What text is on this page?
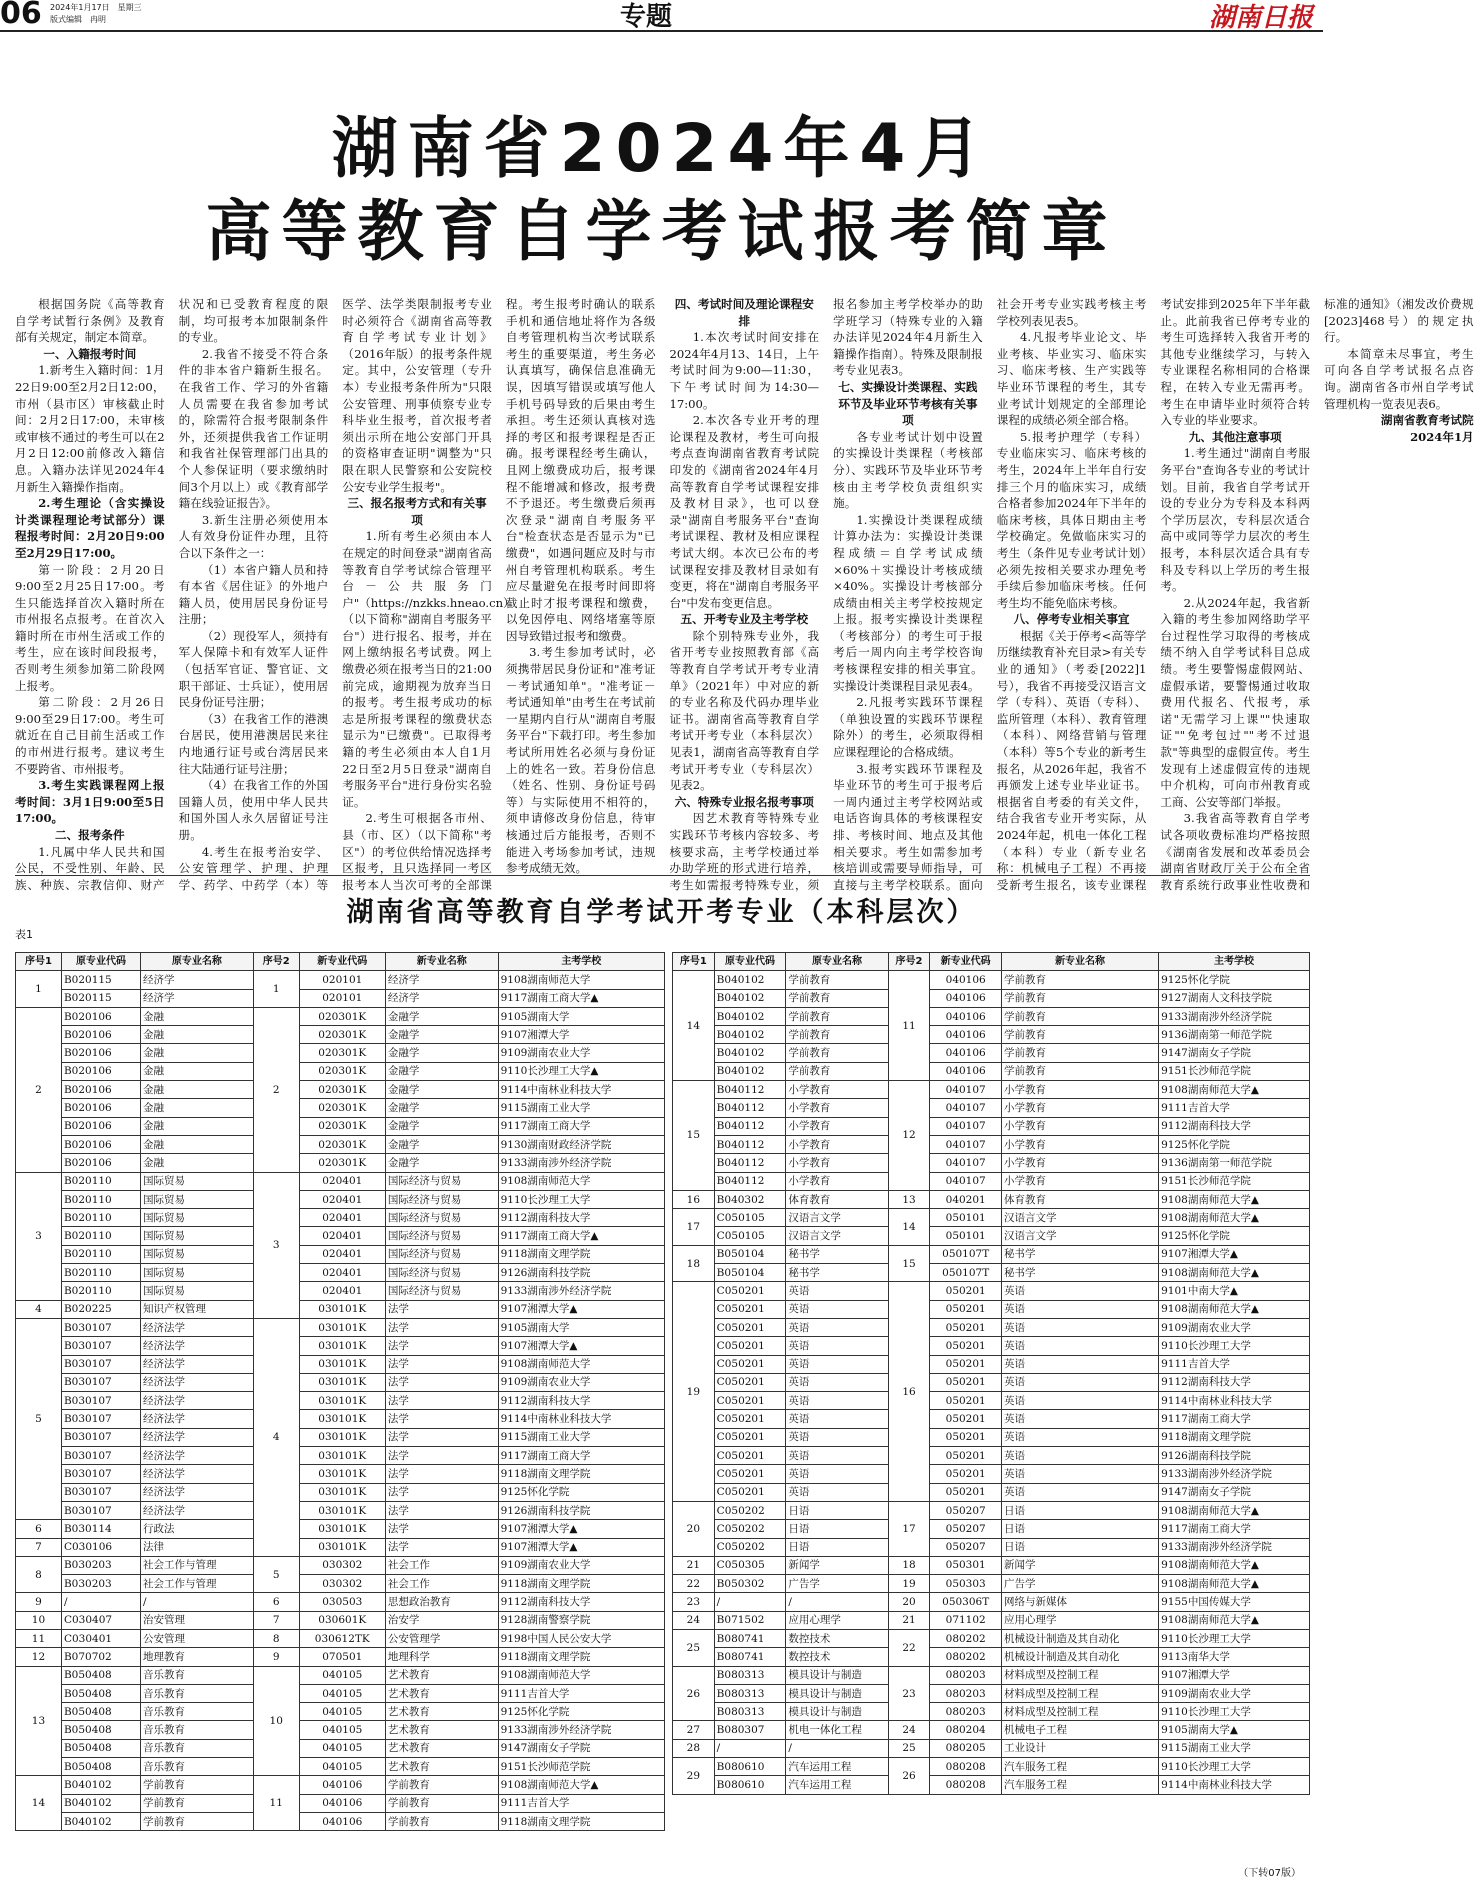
06 2024年1月17日　星期三
版式编辑　冉明	专题	湖南日报
湖南省2024年4月
高等教育自学考试报考简章

根据国务院《高等教育自学考试暂行条例》及教育部有关规定，制定本简章。

一、入籍报考时间

1.新考生入籍时间：1月22日9:00至2月2日12:00，市州（县市区）审核截止时间：2月2日17:00，未审核或审核不通过的考生可以在2月2日12:00前修改入籍信息。入籍办法详见2024年4月新生入籍操作指南。

2.考生理论（含实操设计类课程理论考试部分）课程报考时间：2月20日9:00至2月29日17:00。

第一阶段：2月20日9:00至2月25日17:00。考生只能选择首次入籍时所在市州报名点报考。在首次入籍时所在市州生活或工作的考生，应在该时间段报考，否则考生须参加第二阶段网上报考。

第二阶段：2月26日9:00至29日17:00。考生可就近在自己目前生活或工作的市州进行报考。建议考生不要跨省、市州报考。

3.考生实践课程网上报考时间：3月1日9:00至5日17:00。

二、报考条件

1.凡属中华人民共和国公民，不受性别、年龄、民族、种族、宗教信仰、财产状况和已受教育程度的限制，均可报考本加限制条件的专业。

2.我省不接受不符合条件的非本省户籍新生报名。在我省工作、学习的外省籍人员需要在我省参加考试的，除需符合报考限制条件外，还须提供我省工作证明和我省社保管理部门出具的个人参保证明（要求缴纳时间3个月以上）或《教育部学籍在线验证报告》。

3.新生注册必须使用本人有效身份证件办理，且符合以下条件之一：

（1）本省户籍人员和持有本省《居住证》的外地户籍人员，使用居民身份证号注册；

（2）现役军人，须持有军人保障卡和有效军人证件（包括军官证、警官证、文职干部证、士兵证），使用居民身份证号注册；

（3）在我省工作的港澳台居民，使用港澳居民来往内地通行证号或台湾居民来往大陆通行证号注册；

（4）在我省工作的外国国籍人员，使用中华人民共和国外国人永久居留证号注册。

4.考生在报考治安学、公安管理学、护理、护理学、药学、中药学（本）等医学、法学类限制报考专业时必须符合《湖南省高等教育自学考试专业计划》（2016年版）的报考条件规定。其中，公安管理（专升本）专业报考条件所为"只限公安管理、刑事侦察专业专科毕业生报考，首次报考者须出示所在地公安部门开具的资格审查证明"调整为"只限在职人民警察和公安院校公安专业学生报考"。

三、报名报考方式和有关事项

1.所有考生必须由本人在规定的时间登录"湖南省高等教育自学考试综合管理平台－公共服务门户"（https://nzkks.hneao.cn）（以下简称"湖南自考服务平台"）进行报名、报考，并在网上缴纳报名考试费。网上缴费必须在报考当日的21:00前完成，逾期视为放弃当日的报考。考生报考成功的标志是所报考课程的缴费状态显示为"已缴费"。已取得考籍的考生必须由本人自1月22日至2月5日登录"湖南自考服务平台"进行身份实名验证。

2.考生可根据各市州、县（市、区）（以下简称"考区"）的考位供给情况选择考区报考，且只选择同一考区报考本人当次可考的全部课程。考生报考时确认的联系手机和通信地址将作为各级自考管理机构当次考试联系考生的重要渠道，考生务必认真填写，确保信息准确无误，因填写错误或填写他人手机号码导致的后果由考生承担。考生还须认真核对选择的考区和报考课程是否正确。报考课程经考生确认，且网上缴费成功后，报考课程不能增减和修改，报考费不予退还。考生缴费后须再次登录"湖南自考服务平台"检查状态是否显示为"已缴费"，如遇问题应及时与市州自考管理机构联系。考生应尽量避免在报考时间即将截止时才报考课程和缴费，以免因停电、网络堵塞等原因导致错过报考和缴费。

3.考生参加考试时，必须携带居民身份证和"准考证－考试通知单"。"准考证－考试通知单"由考生在考试前一星期内自行从"湖南自考服务平台"下载打印。考生参加考试所用姓名必须与身份证上的姓名一致。若身份信息（姓名、性别、身份证号码等）与实际使用不相符的，须申请修改身份信息，待审核通过后方能报考，否则不能进入考场参加考试，违规参考成绩无效。

四、考试时间及理论课程安排

1.本次考试时间安排在2024年4月13、14日，上午考试时间为9:00—11:30，下午考试时间为14:30—17:00。

2.本次各专业开考的理论课程及教材，考生可向报考点查询湖南省教育考试院印发的《湖南省2024年4月高等教育自学考试课程安排及教材目录》，也可以登录"湖南自考服务平台"查询考试课程、教材及相应课程考试大纲。本次已公布的考试课程安排及教材目录如有变更，将在"湖南自考服务平台"中发布变更信息。

五、开考专业及主考学校

除个别特殊专业外，我省开考专业按照教育部《高等教育自学考试开考专业清单》（2021年）中对应的新的专业名称及代码办理毕业证书。湖南省高等教育自学考试开考专业（本科层次）见表1，湖南省高等教育自学考试开考专业（专科层次）见表2。

六、特殊专业报名报考事项

因艺术教育等特殊专业实践环节考核内容较多、考核要求高，主考学校通过举办助学班的形式进行培养，考生如需报考特殊专业，须报名参加主考学校举办的助学班学习（特殊专业的入籍办法详见2024年4月新生入籍操作指南）。特殊及限制报考专业见表3。

七、实操设计类课程、实践环节及毕业环节考核有关事项

各专业考试计划中设置的实操设计类课程（考核部分）、实践环节及毕业环节考核由主考学校负责组织实施。

1.实操设计类课程成绩计算办法为：实操设计类课程成绩＝自学考试成绩×60%＋实操设计考核成绩×40%。实操设计考核部分成绩由相关主考学校按规定上报。报考实操设计类课程（考核部分）的考生可于报考后一周内向主考学校咨询考核课程安排的相关事宜。实操设计类课程目录见表4。

2.凡报考实践环节课程（单独设置的实践环节课程除外）的考生，必须取得相应课程理论的合格成绩。

3.报考实践环节课程及毕业环节的考生可于报考后一周内通过主考学校网站或电话咨询具体的考核课程安排、考核时间、地点及其他相关要求。考生如需参加考核培训或需要导师指导，可直接与主考学校联系。面向社会开考专业实践考核主考学校列表见表5。

4.凡报考毕业论文、毕业考核、毕业实习、临床实习、临床考核、生产实践等毕业环节课程的考生，其专业考试计划规定的全部理论课程的成绩必须全部合格。

5.报考护理学（专科）专业临床实习、临床考核的考生，2024年上半年自行安排三个月的临床实习，成绩合格者参加2024年下半年的临床考核，具体日期由主考学校确定。免做临床实习的考生（条件见专业考试计划）必须先按相关要求办理免考手续后参加临床考核。任何考生均不能免临床考核。

八、停考专业相关事宜

根据《关于停考<高等学历继续教育补充目录>有关专业的通知》（考委[2022]1号），我省不再接受汉语言文学（专科）、英语（专科）、监所管理（本科）、教育管理（本科）、网络营销与管理（本科）等5个专业的新考生报名，从2026年起，我省不再颁发上述专业毕业证书。根据省自考委的有关文件，结合我省专业开考实际，从2024年起，机电一体化工程（本科）专业（新专业名称：机械电子工程）不再接受新考生报名，该专业课程考试安排到2025年下半年截止。此前我省已停考专业的考生可选择转入我省开考的其他专业继续学习，与转入专业课程名称相同的合格课程，在转入专业无需再考。考生在申请毕业时须符合转入专业的毕业要求。

九、其他注意事项

1.考生通过"湖南自考服务平台"查询各专业的考试计划。目前，我省自学考试开设的专业分为专科及本科两个学历层次，专科层次适合高中或同等学力层次的考生报考，本科层次适合具有专科及专科以上学历的考生报考。

2.从2024年起，我省新入籍的考生参加网络助学平台过程性学习取得的考核成绩不纳入自学考试科目总成绩。考生要警惕虚假网站、虚假承诺，要警惕通过收取费用代报名、代报考，承诺"无需学习上课""快速取证""免考包过""考不过退款"等典型的虚假宣传。考生发现有上述虚假宣传的违规中介机构，可向市州教育或工商、公安等部门举报。

3.我省高等教育自学考试各项收费标准均严格按照《湖南省发展和改革委员会湖南省财政厅关于公布全省教育系统行政事业性收费和标准的通知》（湘发改价费规[2023]468号）的规定执行。

本简章未尽事宜，考生可向各自学考试报名点咨询。湖南省各市州自学考试管理机构一览表见表6。

湖南省教育考试院

2024年1月

湖南省高等教育自学考试开考专业（本科层次）
表1
序号1	原专业代码	原专业名称	序号2	新专业代码	新专业名称	主考学校
1	B020115	经济学	1	020101	经济学	9108湖南师范大学
	B020115	经济学		020101	经济学	9117湖南工商大学▲
2	B020106	金融	2	020301K	金融学	9105湖南大学
	B020106	金融		020301K	金融学	9107湘潭大学
	B020106	金融		020301K	金融学	9109湖南农业大学
	B020106	金融		020301K	金融学	9110长沙理工大学▲
	B020106	金融		020301K	金融学	9114中南林业科技大学
	B020106	金融		020301K	金融学	9115湖南工业大学
	B020106	金融		020301K	金融学	9117湖南工商大学
	B020106	金融		020301K	金融学	9130湖南财政经济学院
	B020106	金融		020301K	金融学	9133湖南涉外经济学院
3	B020110	国际贸易	3	020401	国际经济与贸易	9108湖南师范大学
	B020110	国际贸易		020401	国际经济与贸易	9110长沙理工大学
	B020110	国际贸易		020401	国际经济与贸易	9112湖南科技大学
	B020110	国际贸易		020401	国际经济与贸易	9117湖南工商大学▲
	B020110	国际贸易		020401	国际经济与贸易	9118湖南文理学院
	B020110	国际贸易		020401	国际经济与贸易	9126湖南科技学院
	B020110	国际贸易		020401	国际经济与贸易	9133湖南涉外经济学院
4	B020225	知识产权管理		030101K	法学	9107湘潭大学▲
5	B030107	经济法学	4	030101K	法学	9105湖南大学
	B030107	经济法学		030101K	法学	9107湘潭大学▲
	B030107	经济法学		030101K	法学	9108湖南师范大学
	B030107	经济法学		030101K	法学	9109湖南农业大学
	B030107	经济法学		030101K	法学	9112湖南科技大学
	B030107	经济法学		030101K	法学	9114中南林业科技大学
	B030107	经济法学		030101K	法学	9115湖南工业大学
	B030107	经济法学		030101K	法学	9117湖南工商大学
	B030107	经济法学		030101K	法学	9118湖南文理学院
	B030107	经济法学		030101K	法学	9125怀化学院
	B030107	经济法学		030101K	法学	9126湖南科技学院
6	B030114	行政法		030101K	法学	9107湘潭大学▲
7	C030106	法律		030101K	法学	9107湘潭大学▲
8	B030203	社会工作与管理	5	030302	社会工作	9109湖南农业大学
	B030203	社会工作与管理		030302	社会工作	9118湖南文理学院
9	/	/	6	030503	思想政治教育	9112湖南科技大学
10	C030407	治安管理	7	030601K	治安学	9128湖南警察学院
11	C030401	公安管理	8	030612TK	公安管理学	9198中国人民公安大学
12	B070702	地理教育	9	070501	地理科学	9118湖南文理学院
13	B050408	音乐教育	10	040105	艺术教育	9108湖南师范大学
	B050408	音乐教育		040105	艺术教育	9111吉首大学
	B050408	音乐教育		040105	艺术教育	9125怀化学院
	B050408	音乐教育		040105	艺术教育	9133湖南涉外经济学院
	B050408	音乐教育		040105	艺术教育	9147湖南女子学院
	B050408	音乐教育		040105	艺术教育	9151长沙师范学院
14	B040102	学前教育	11	040106	学前教育	9108湖南师范大学▲
	B040102	学前教育		040106	学前教育	9111吉首大学
	B040102	学前教育		040106	学前教育	9118湖南文理学院
序号1	原专业代码	原专业名称	序号2	新专业代码	新专业名称	主考学校
14	B040102	学前教育	11	040106	学前教育	9125怀化学院
	B040102	学前教育		040106	学前教育	9127湖南人文科技学院
	B040102	学前教育		040106	学前教育	9133湖南涉外经济学院
	B040102	学前教育		040106	学前教育	9136湖南第一师范学院
	B040102	学前教育		040106	学前教育	9147湖南女子学院
	B040102	学前教育		040106	学前教育	9151长沙师范学院
15	B040112	小学教育	12	040107	小学教育	9108湖南师范大学▲
	B040112	小学教育		040107	小学教育	9111吉首大学
	B040112	小学教育		040107	小学教育	9112湖南科技大学
	B040112	小学教育		040107	小学教育	9125怀化学院
	B040112	小学教育		040107	小学教育	9136湖南第一师范学院
	B040112	小学教育		040107	小学教育	9151长沙师范学院
16	B040302	体育教育	13	040201	体育教育	9108湖南师范大学▲
17	C050105	汉语言文学	14	050101	汉语言文学	9108湖南师范大学▲
	C050105	汉语言文学		050101	汉语言文学	9125怀化学院
18	B050104	秘书学	15	050107T	秘书学	9107湘潭大学▲
	B050104	秘书学		050107T	秘书学	9108湖南师范大学▲
19	C050201	英语	16	050201	英语	9101中南大学▲
	C050201	英语		050201	英语	9108湖南师范大学▲
	C050201	英语		050201	英语	9109湖南农业大学
	C050201	英语		050201	英语	9110长沙理工大学
	C050201	英语		050201	英语	9111吉首大学
	C050201	英语		050201	英语	9112湖南科技大学
	C050201	英语		050201	英语	9114中南林业科技大学
	C050201	英语		050201	英语	9117湖南工商大学
	C050201	英语		050201	英语	9118湖南文理学院
	C050201	英语		050201	英语	9126湖南科技学院
	C050201	英语		050201	英语	9133湖南涉外经济学院
	C050201	英语		050201	英语	9147湖南女子学院
20	C050202	日语	17	050207	日语	9108湖南师范大学▲
	C050202	日语		050207	日语	9117湖南工商大学
	C050202	日语		050207	日语	9133湖南涉外经济学院
21	C050305	新闻学	18	050301	新闻学	9108湖南师范大学▲
22	B050302	广告学	19	050303	广告学	9108湖南师范大学▲
23	/	/	20	050306T	网络与新媒体	9155中国传媒大学
24	B071502	应用心理学	21	071102	应用心理学	9108湖南师范大学▲
25	B080741	数控技术	22	080202	机械设计制造及其自动化	9110长沙理工大学
	B080741	数控技术		080202	机械设计制造及其自动化	9113南华大学
26	B080313	模具设计与制造	23	080203	材料成型及控制工程	9107湘潭大学
	B080313	模具设计与制造		080203	材料成型及控制工程	9109湖南农业大学
	B080313	模具设计与制造		080203	材料成型及控制工程	9110长沙理工大学
27	B080307	机电一体化工程	24	080204	机械电子工程	9105湖南大学▲
28	/	/	25	080205	工业设计	9115湖南工业大学
29	B080610	汽车运用工程	26	080208	汽车服务工程	9110长沙理工大学
	B080610	汽车运用工程		080208	汽车服务工程	9114中南林业科技大学
（下转07版）
